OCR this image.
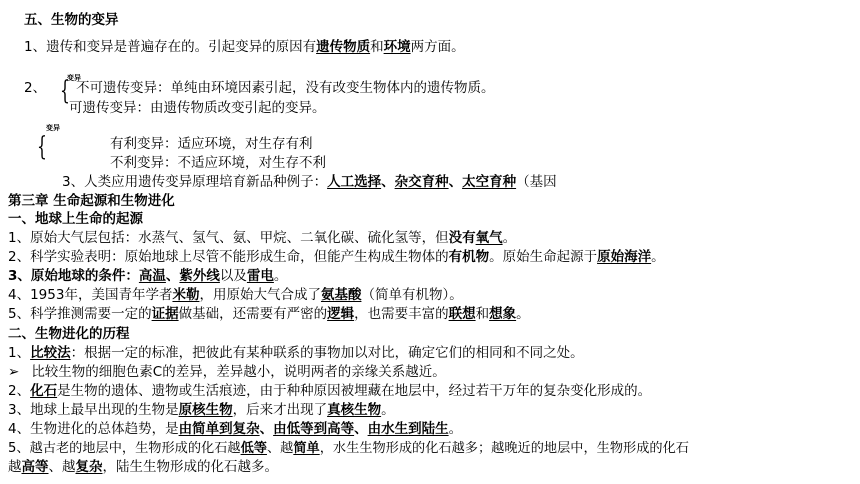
五、生物的变异
1、遗传和变异是普遍存在的。引起变异的原因有遗传物质和环境两方面。
2、
变异
{ 不可遗传变异：单纯由环境因素引起，没有改变生物体内的遗传物质。
可遗传变异：由遗传物质改变引起的变异。
变异
{	有利变异：适应环境，对生存有利
不利变异：不适应环境，对生存不利
3、人类应用遗传变异原理培育新品种例子：人工选择、杂交育种、太空育种（基因
第三章 生命起源和生物进化
一、地球上生命的起源
1、原始大气层包括：水蒸气、氢气、氨、甲烷、二氧化碳、硫化氢等，但没有氧气。
2、科学实验表明：原始地球上尽管不能形成生命，但能产生构成生物体的有机物。原始生命起源于原始海洋。
3、原始地球的条件：高温、紫外线以及雷电。
4、1953年，美国青年学者米勒，用原始大气合成了氨基酸（简单有机物）。
5、科学推测需要一定的证据做基础，还需要有严密的逻辑，也需要丰富的联想和想象。
二、生物进化的历程
1、比较法：根据一定的标准，把彼此有某种联系的事物加以对比，确定它们的相同和不同之处。
➢ 比较生物的细胞色素C的差异，差异越小，说明两者的亲缘关系越近。
2、化石是生物的遗体、遗物或生活痕迹，由于种种原因被埋藏在地层中，经过若干万年的复杂变化形成的。
3、地球上最早出现的生物是原核生物，后来才出现了真核生物。
4、生物进化的总体趋势，是由简单到复杂、由低等到高等、由水生到陆生。
5、越古老的地层中，生物形成的化石越低等、越简单，水生生物形成的化石越多；越晚近的地层中，生物形成的化石
越高等、越复杂，陆生生物形成的化石越多。
